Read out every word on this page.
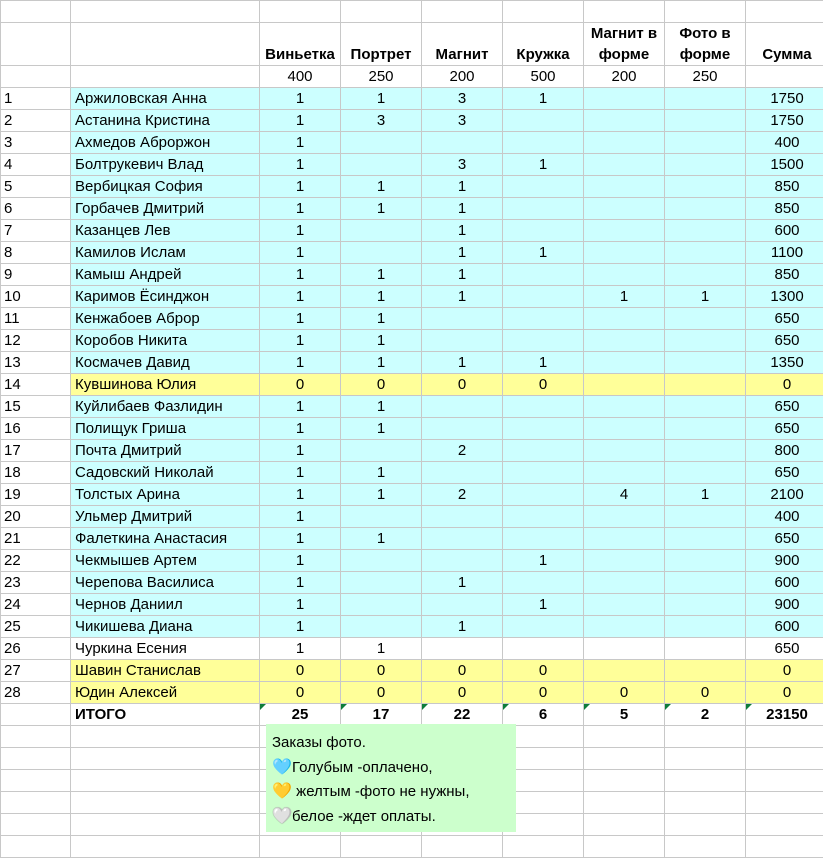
		Виньетка	Портрет	Магнит	Кружка	Магнит в форме	Фото в форме	Сумма	
		400	250	200	500	200	250		
1	Аржиловская Анна	1	1	3	1			1750	
2	Астанина Кристина	1	3	3				1750	
3	Ахмедов Аброржон	1						400	
4	Болтрукевич Влад	1		3	1			1500	
5	Вербицкая София	1	1	1				850	
6	Горбачев Дмитрий	1	1	1				850	
7	Казанцев Лев	1		1				600	
8	Камилов Ислам	1		1	1			1100	
9	Камыш Андрей	1	1	1				850	
10	Каримов Ёсинджон	1	1	1		1	1	1300	
11	Кенжабоев Аброр	1	1					650	
12	Коробов Никита	1	1					650	
13	Космачев Давид	1	1	1	1			1350	
14	Кувшинова Юлия	0	0	0	0			0	
15	Куйлибаев Фазлидин	1	1					650	
16	Полищук Гриша	1	1					650	
17	Почта Дмитрий	1		2				800	
18	Садовский Николай	1	1					650	
19	Толстых Арина	1	1	2		4	1	2100	
20	Ульмер Дмитрий	1						400	
21	Фалеткина Анастасия	1	1					650	
22	Чекмышев Артем	1			1			900	
23	Черепова Василиса	1		1				600	
24	Чернов Даниил	1			1			900	
25	Чикишева Диана	1		1				600	
26	Чуркина Есения	1	1					650	
27	Шавин Станислав	0	0	0	0			0	
28	Юдин Алексей	0	0	0	0	0	0	0	
	ИТОГО	25	17	22	6	5	2	23150	

Заказы фото.
🩵Голубым -оплачено,
💛 желтым -фото не нужны,
🤍белое -ждет оплаты.
